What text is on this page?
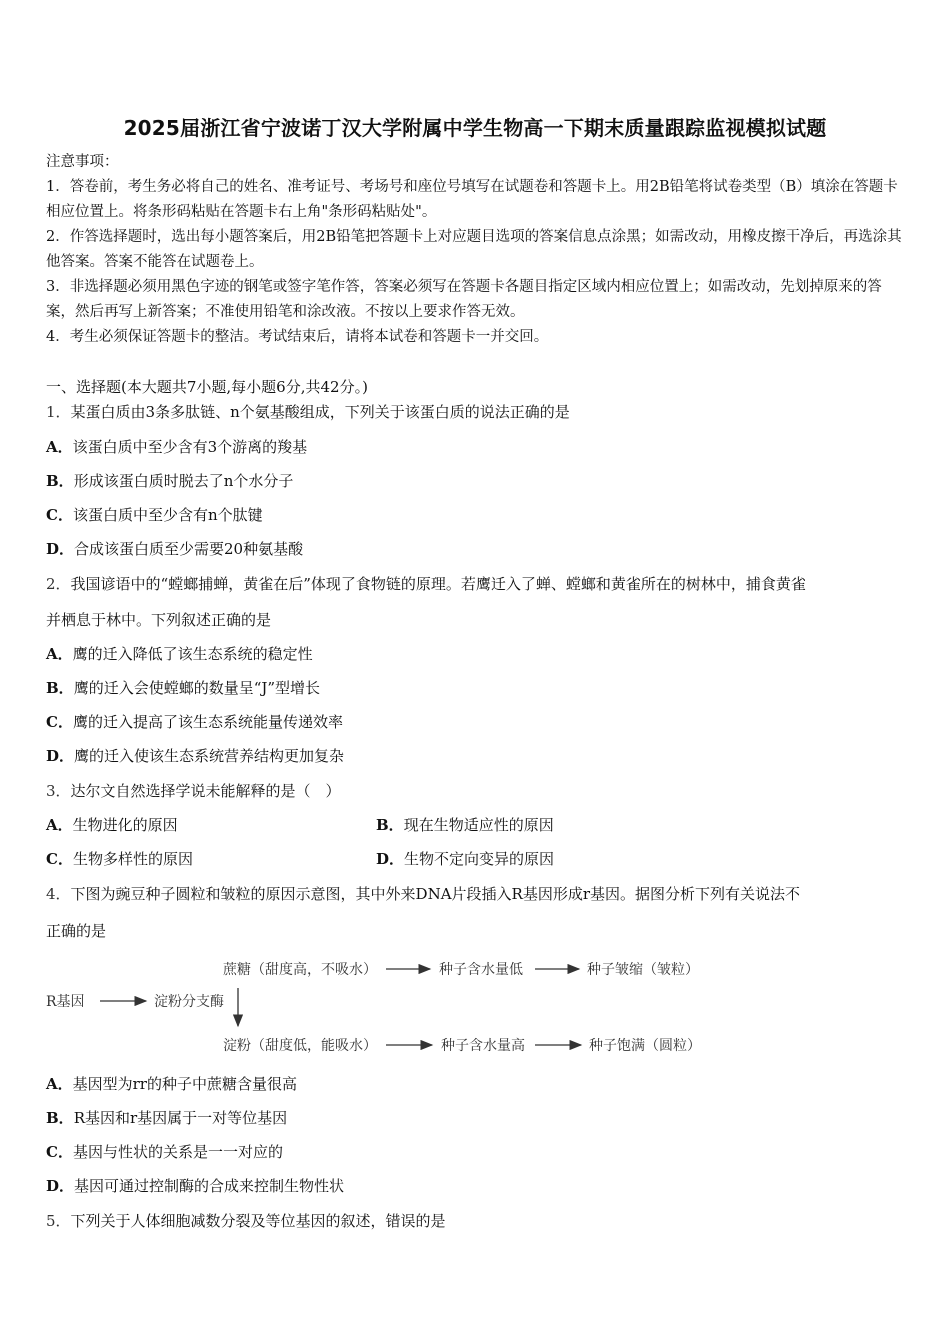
2025届浙江省宁波诺丁汉大学附属中学生物高一下期末质量跟踪监视模拟试题
注意事项：
1．答卷前，考生务必将自己的姓名、准考证号、考场号和座位号填写在试题卷和答题卡上。用2B铅笔将试卷类型（B）填涂在答题卡相应位置上。将条形码粘贴在答题卡右上角"条形码粘贴处"。
2．作答选择题时，选出每小题答案后，用2B铅笔把答题卡上对应题目选项的答案信息点涂黑；如需改动，用橡皮擦干净后，再选涂其他答案。答案不能答在试题卷上。
3．非选择题必须用黑色字迹的钢笔或签字笔作答，答案必须写在答题卡各题目指定区域内相应位置上；如需改动，先划掉原来的答案，然后再写上新答案；不准使用铅笔和涂改液。不按以上要求作答无效。
4．考生必须保证答题卡的整洁。考试结束后，请将本试卷和答题卡一并交回。
一、选择题(本大题共7小题,每小题6分,共42分。)
1．某蛋白质由3条多肽链、n个氨基酸组成，下列关于该蛋白质的说法正确的是
A．该蛋白质中至少含有3个游离的羧基
B．形成该蛋白质时脱去了n个水分子
C．该蛋白质中至少含有n个肽键
D．合成该蛋白质至少需要20种氨基酸
2．我国谚语中的“螳螂捕蝉，黄雀在后”体现了食物链的原理。若鹰迁入了蝉、螳螂和黄雀所在的树林中，捕食黄雀
并栖息于林中。下列叙述正确的是
A．鹰的迁入降低了该生态系统的稳定性
B．鹰的迁入会使螳螂的数量呈“J”型增长
C．鹰的迁入提高了该生态系统能量传递效率
D．鹰的迁入使该生态系统营养结构更加复杂
3．达尔文自然选择学说未能解释的是（　）
A．生物进化的原因	B．现在生物适应性的原因
C．生物多样性的原因	D．生物不定向变异的原因
4．下图为豌豆种子圆粒和皱粒的原因示意图，其中外来DNA片段插入R基因形成r基因。据图分析下列有关说法不
正确的是
蔗糖（甜度高，不吸水）	种子含水量低	种子皱缩（皱粒）
R基因	淀粉分支酶
淀粉（甜度低，能吸水）	种子含水量高	种子饱满（圆粒）
A．基因型为rr的种子中蔗糖含量很高
B．R基因和r基因属于一对等位基因
C．基因与性状的关系是一一对应的
D．基因可通过控制酶的合成来控制生物性状
5．下列关于人体细胞减数分裂及等位基因的叙述，错误的是
